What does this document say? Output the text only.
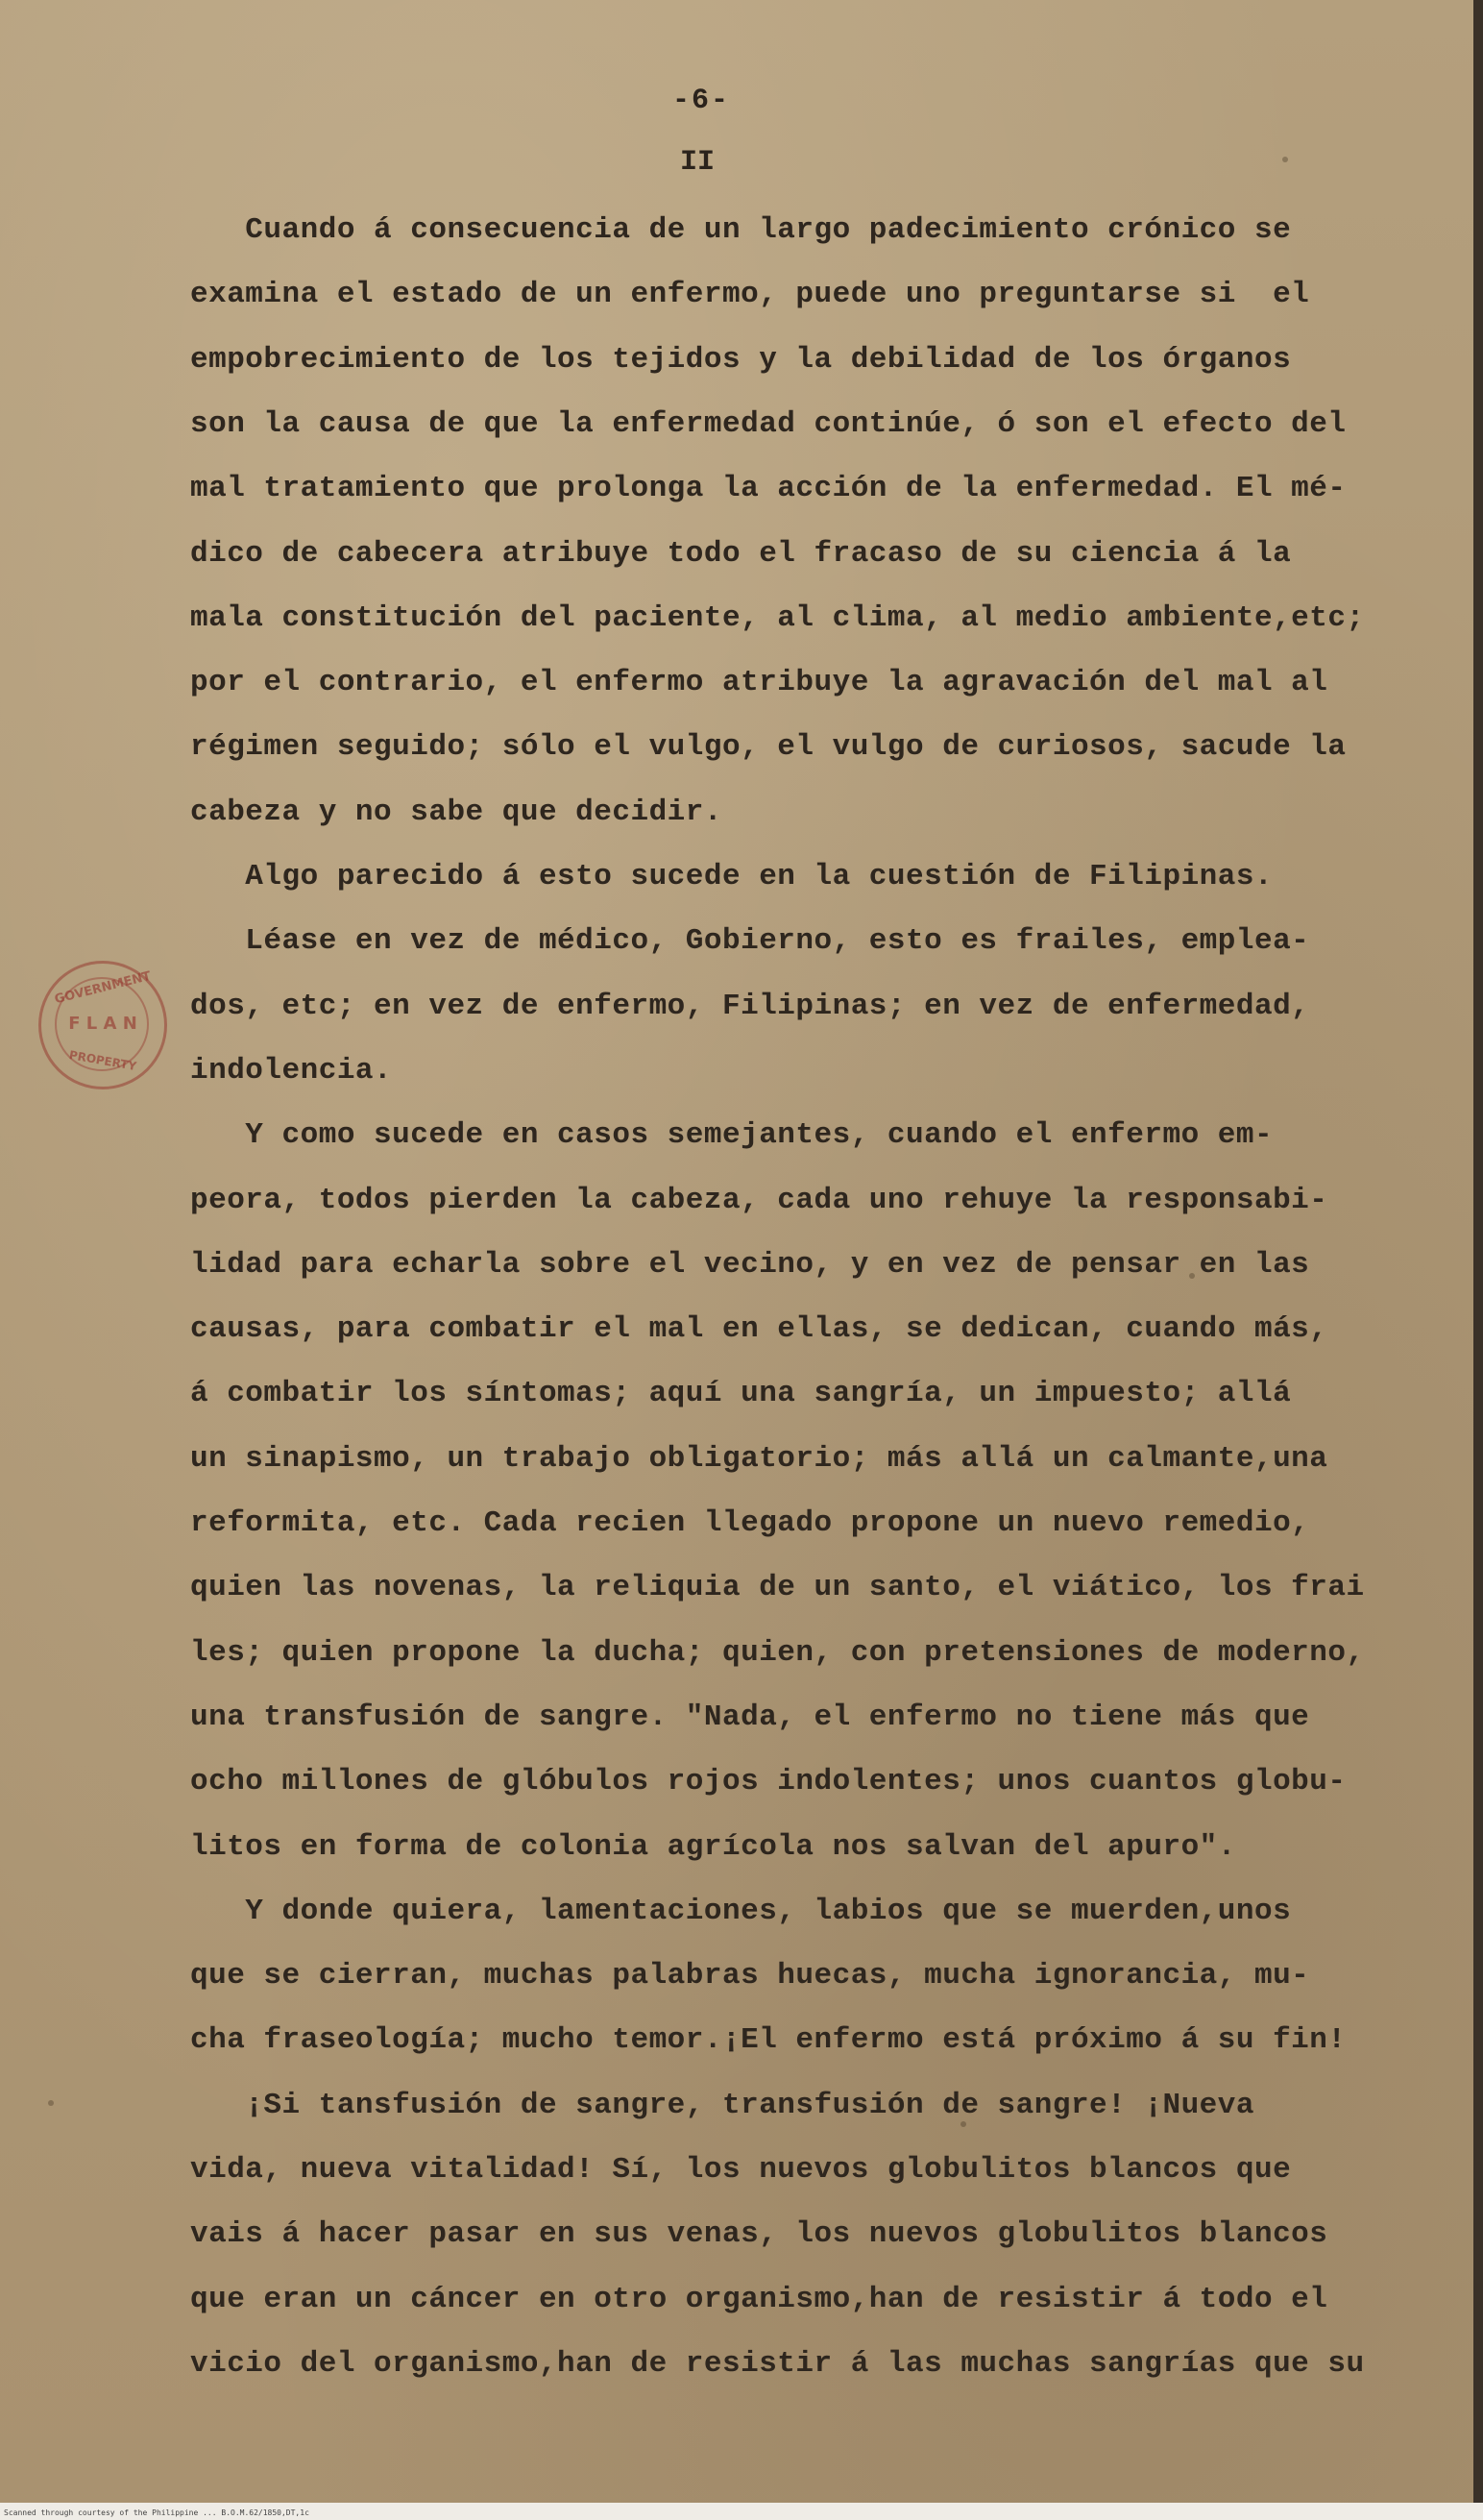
-6-
II
GOVERNMENT
F L A N
PROPERTY
Cuando á consecuencia de un largo padecimiento crónico se
examina el estado de un enfermo, puede uno preguntarse si  el
empobrecimiento de los tejidos y la debilidad de los órganos
son la causa de que la enfermedad continúe, ó son el efecto del
mal tratamiento que prolonga la acción de la enfermedad. El mé-
dico de cabecera atribuye todo el fracaso de su ciencia á la
mala constitución del paciente, al clima, al medio ambiente,etc;
por el contrario, el enfermo atribuye la agravación del mal al
régimen seguido; sólo el vulgo, el vulgo de curiosos, sacude la
cabeza y no sabe que decidir.
Algo parecido á esto sucede en la cuestión de Filipinas.
Léase en vez de médico, Gobierno, esto es frailes, emplea-
dos, etc; en vez de enfermo, Filipinas; en vez de enfermedad,
indolencia.
Y como sucede en casos semejantes, cuando el enfermo em-
peora, todos pierden la cabeza, cada uno rehuye la responsabi-
lidad para echarla sobre el vecino, y en vez de pensar en las
causas, para combatir el mal en ellas, se dedican, cuando más,
á combatir los síntomas; aquí una sangría, un impuesto; allá
un sinapismo, un trabajo obligatorio; más allá un calmante,una
reformita, etc. Cada recien llegado propone un nuevo remedio,
quien las novenas, la reliquia de un santo, el viático, los frai
les; quien propone la ducha; quien, con pretensiones de moderno,
una transfusión de sangre. "Nada, el enfermo no tiene más que
ocho millones de glóbulos rojos indolentes; unos cuantos globu-
litos en forma de colonia agrícola nos salvan del apuro".
Y donde quiera, lamentaciones, labios que se muerden,unos
que se cierran, muchas palabras huecas, mucha ignorancia, mu-
cha fraseología; mucho temor.¡El enfermo está próximo á su fin!
¡Si tansfusión de sangre, transfusión de sangre! ¡Nueva
vida, nueva vitalidad! Sí, los nuevos globulitos blancos que
vais á hacer pasar en sus venas, los nuevos globulitos blancos
que eran un cáncer en otro organismo,han de resistir á todo el
vicio del organismo,han de resistir á las muchas sangrías que su
Scanned through courtesy of the Philippine ... B.O.M.62/1850,DT,1c
